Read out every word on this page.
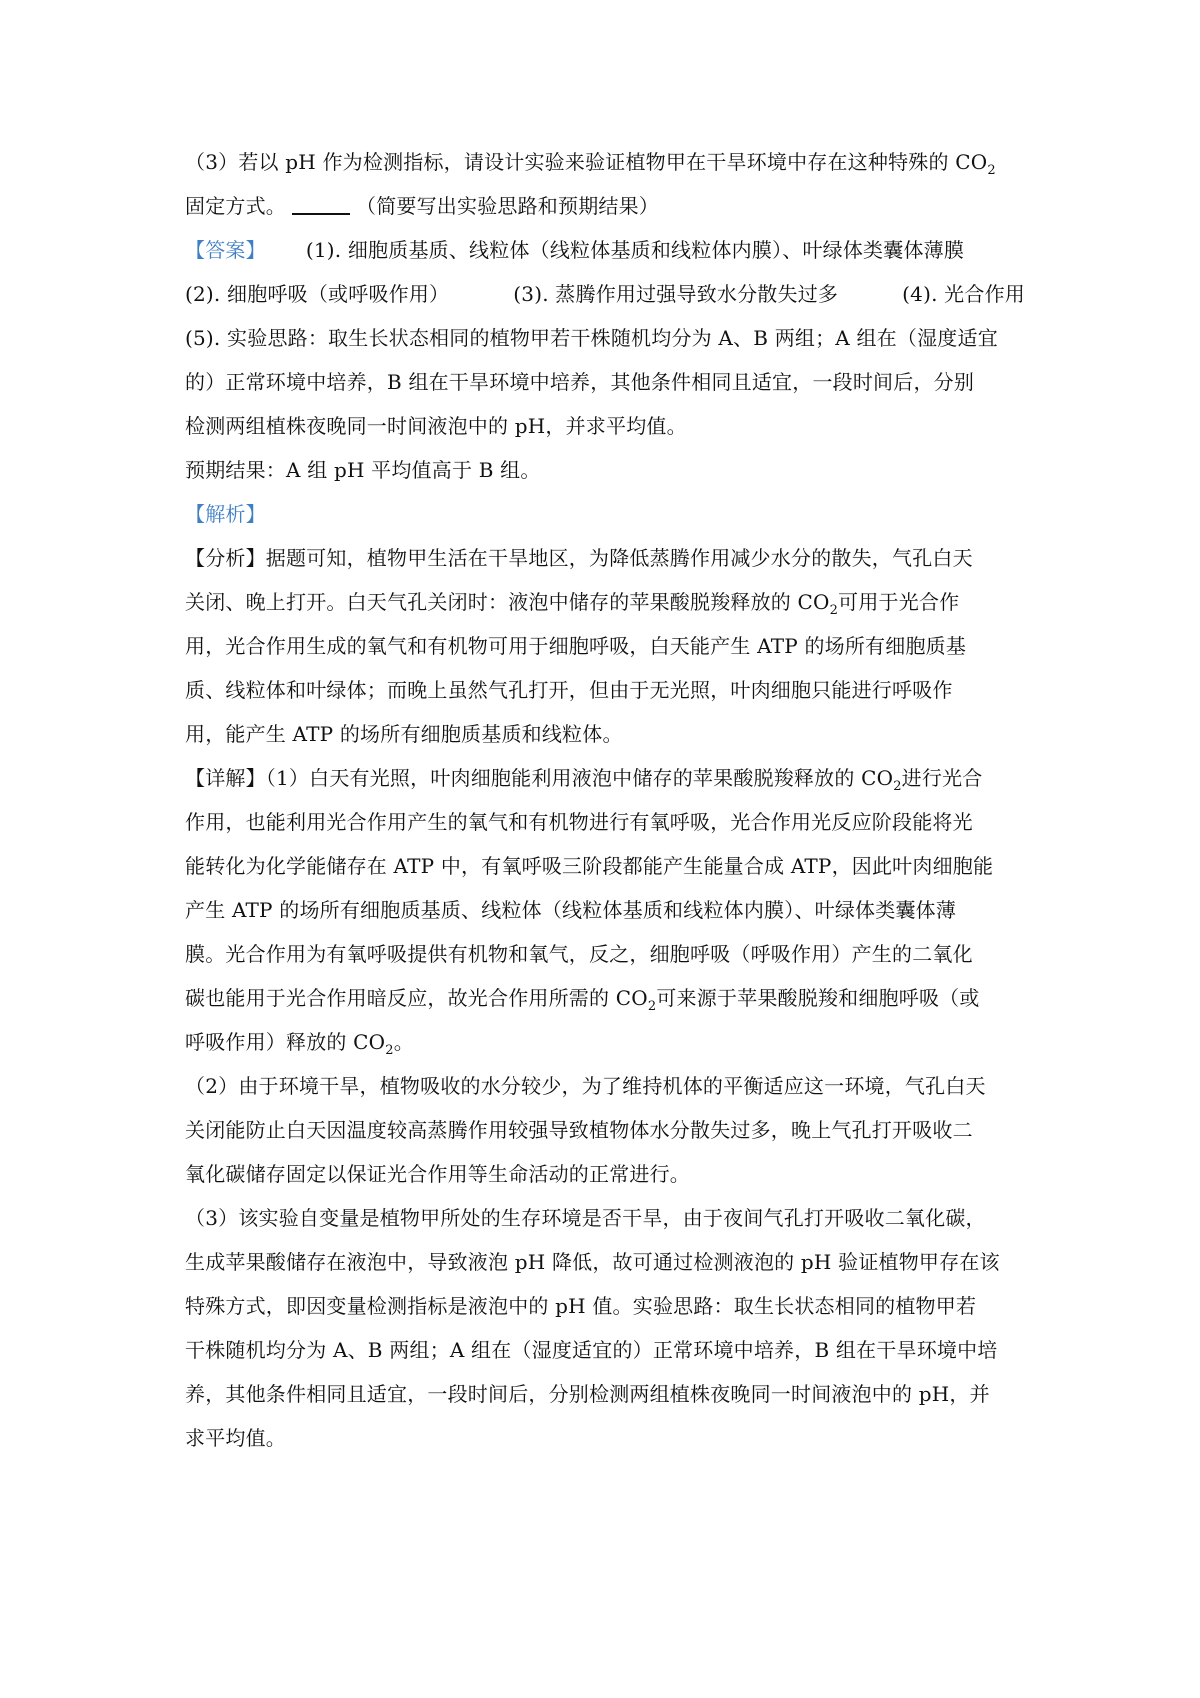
（3）若以 pH 作为检测指标，请设计实验来验证植物甲在干旱环境中存在这种特殊的 $CO_2$

固定方式。	（简要写出实验思路和预期结果）

【答案】 (1). 细胞质基质、线粒体（线粒体基质和线粒体内膜）、叶绿体类囊体薄膜

(2). 细胞呼吸（或呼吸作用）	(3). 蒸腾作用过强导致水分散失过多	(4). 光合作用

(5). 实验思路：取生长状态相同的植物甲若干株随机均分为 A、B 两组；A 组在（湿度适宜

的）正常环境中培养，B 组在干旱环境中培养，其他条件相同且适宜，一段时间后，分别

检测两组植株夜晚同一时间液泡中的 pH，并求平均值。

预期结果：A 组 pH 平均值高于 B 组。

【解析】

【分析】据题可知，植物甲生活在干旱地区，为降低蒸腾作用减少水分的散失，气孔白天

关闭、晚上打开。白天气孔关闭时：液泡中储存的苹果酸脱羧释放的 $CO_2$可用于光合作

用，光合作用生成的氧气和有机物可用于细胞呼吸，白天能产生 ATP 的场所有细胞质基

质、线粒体和叶绿体；而晚上虽然气孔打开，但由于无光照，叶肉细胞只能进行呼吸作

用，能产生 ATP 的场所有细胞质基质和线粒体。

【详解】（1）白天有光照，叶肉细胞能利用液泡中储存的苹果酸脱羧释放的 $CO_2$进行光合

作用，也能利用光合作用产生的氧气和有机物进行有氧呼吸，光合作用光反应阶段能将光

能转化为化学能储存在 ATP 中，有氧呼吸三阶段都能产生能量合成 ATP，因此叶肉细胞能

产生 ATP 的场所有细胞质基质、线粒体（线粒体基质和线粒体内膜）、叶绿体类囊体薄

膜。光合作用为有氧呼吸提供有机物和氧气，反之，细胞呼吸（呼吸作用）产生的二氧化

碳也能用于光合作用暗反应，故光合作用所需的 $CO_2$可来源于苹果酸脱羧和细胞呼吸（或

呼吸作用）释放的 $CO_2$。

（2）由于环境干旱，植物吸收的水分较少，为了维持机体的平衡适应这一环境，气孔白天

关闭能防止白天因温度较高蒸腾作用较强导致植物体水分散失过多，晚上气孔打开吸收二

氧化碳储存固定以保证光合作用等生命活动的正常进行。

（3）该实验自变量是植物甲所处的生存环境是否干旱，由于夜间气孔打开吸收二氧化碳，

生成苹果酸储存在液泡中，导致液泡 pH 降低，故可通过检测液泡的 pH 验证植物甲存在该

特殊方式，即因变量检测指标是液泡中的 pH 值。实验思路：取生长状态相同的植物甲若

干株随机均分为 A、B 两组；A 组在（湿度适宜的）正常环境中培养，B 组在干旱环境中培

养，其他条件相同且适宜，一段时间后，分别检测两组植株夜晚同一时间液泡中的 pH，并

求平均值。
